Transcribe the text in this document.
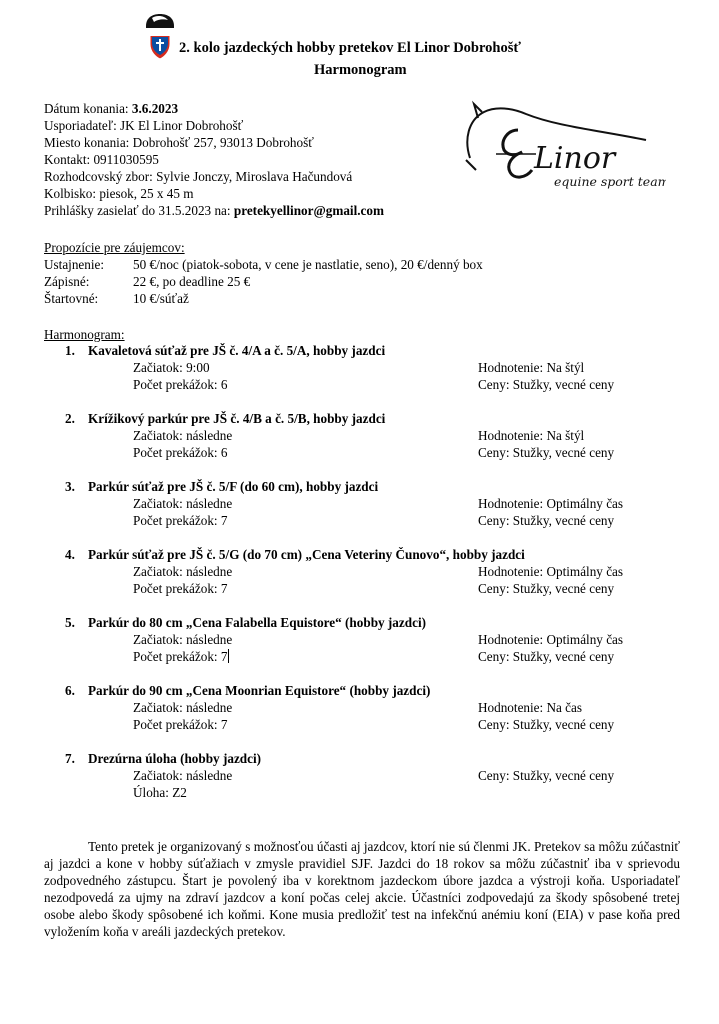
2. kolo jazdeckých hobby pretekov El Linor Dobrohošť
Harmonogram
Linor
equine sport team
Dátum konania: 3.6.2023
Usporiadateľ: JK El Linor Dobrohošť
Miesto konania: Dobrohošť 257, 93013 Dobrohošť
Kontakt: 0911030595
Rozhodcovský zbor: Sylvie Jonczy, Miroslava Hačundová
Kolbisko: piesok, 25 x 45 m
Prihlášky zasielať do 31.5.2023 na: pretekyellinor@gmail.com
Propozície pre záujemcov:
Ustajnenie: 50 €/noc (piatok-sobota, v cene je nastlatie, seno), 20 €/denný box
Zápisné:	22 €, po deadline 25 €
Štartovné:	10 €/súťaž
Harmonogram:
1. Kavaletová súťaž pre JŠ č. 4/A a č. 5/A, hobby jazdci
Začiatok: 9:00
Počet prekážok: 6
Hodnotenie: Na štýl
Ceny: Stužky, vecné ceny
2. Krížikový parkúr pre JŠ č. 4/B a č. 5/B, hobby jazdci
Začiatok: následne
Počet prekážok: 6
Hodnotenie: Na štýl
Ceny: Stužky, vecné ceny
3. Parkúr súťaž pre JŠ č. 5/F (do 60 cm), hobby jazdci
Začiatok: následne
Počet prekážok: 7
Hodnotenie: Optimálny čas
Ceny: Stužky, vecné ceny
4. Parkúr súťaž pre JŠ č. 5/G (do 70 cm) „Cena Veteriny Čunovo“, hobby jazdci
Začiatok: následne
Počet prekážok: 7
Hodnotenie: Optimálny čas
Ceny: Stužky, vecné ceny
5. Parkúr do 80 cm „Cena Falabella Equistore“ (hobby jazdci)
Začiatok: následne
Počet prekážok: 7
Hodnotenie: Optimálny čas
Ceny: Stužky, vecné ceny
6. Parkúr do 90 cm „Cena Moonrian Equistore“ (hobby jazdci)
Začiatok: následne
Počet prekážok: 7
Hodnotenie: Na čas
Ceny: Stužky, vecné ceny
7. Drezúrna úloha (hobby jazdci)
Začiatok: následne
Úloha: Z2
Ceny: Stužky, vecné ceny
Tento pretek je organizovaný s možnosťou účasti aj jazdcov, ktorí nie sú členmi JK. Pretekov sa môžu zúčastniť aj jazdci a kone v hobby súťažiach v zmysle pravidiel SJF. Jazdci do 18 rokov sa môžu zúčastniť iba v sprievodu zodpovedného zástupcu. Štart je povolený iba v korektnom jazdeckom úbore jazdca a výstroji koňa. Usporiadateľ nezodpovedá za ujmy na zdraví jazdcov a koní počas celej akcie. Účastníci zodpovedajú za škody spôsobené tretej osobe alebo škody spôsobené ich koňmi. Kone musia predložiť test na infekčnú anémiu koní (EIA) v pase koňa pred vyložením koňa v areáli jazdeckých pretekov.
